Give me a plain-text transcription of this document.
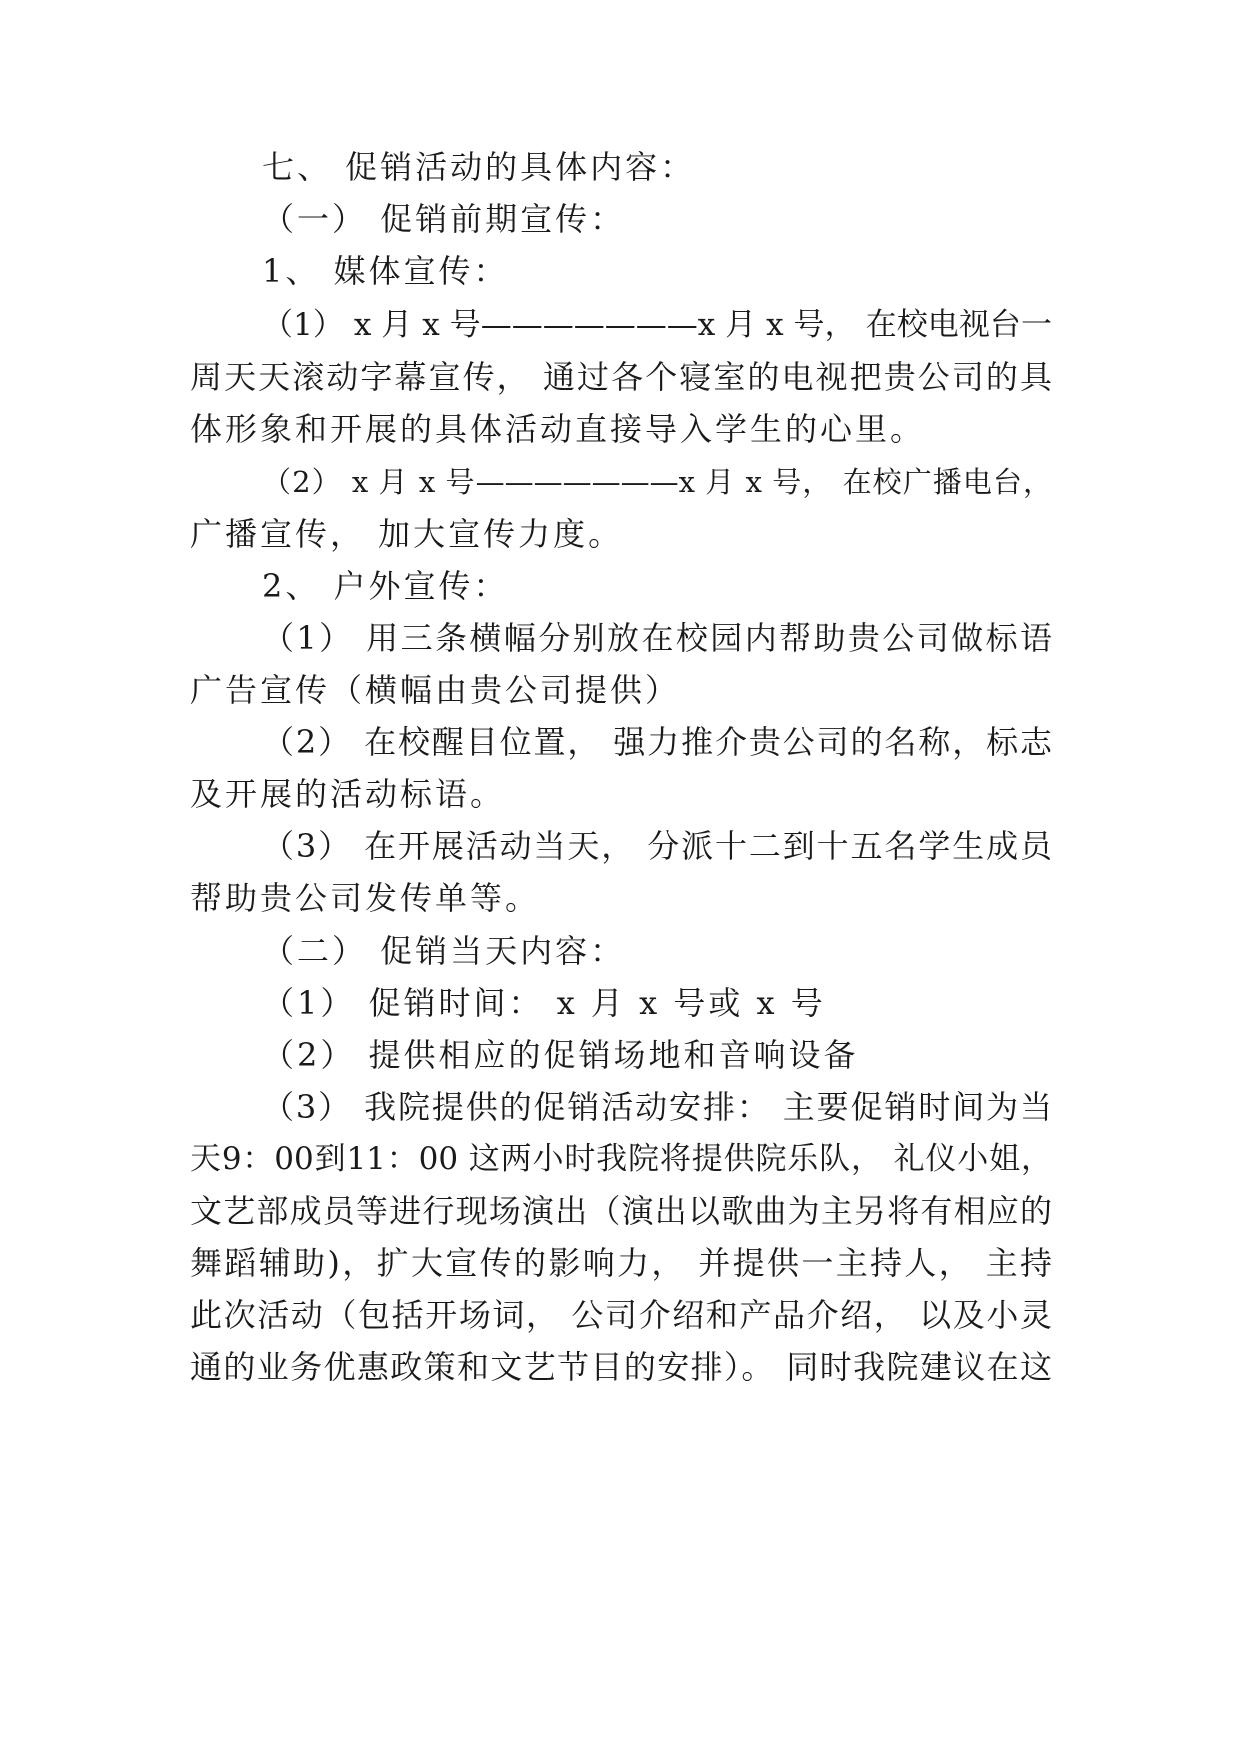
七、 促销活动的具体内容：
（一） 促销前期宣传：
1、 媒体宣传：
（1） x 月 x 号———————x 月 x 号， 在校电视台一
周天天滚动字幕宣传， 通过各个寝室的电视把贵公司的具
体形象和开展的具体活动直接导入学生的心里。
（2） x 月 x 号———————x 月 x 号， 在校广播电台，
广播宣传， 加大宣传力度。
2、 户外宣传：
（1） 用三条横幅分别放在校园内帮助贵公司做标语
广告宣传（横幅由贵公司提供）
（2） 在校醒目位置， 强力推介贵公司的名称，标志
及开展的活动标语。
（3） 在开展活动当天， 分派十二到十五名学生成员
帮助贵公司发传单等。
（二） 促销当天内容：
（1） 促销时间： x 月 x 号或 x 号
（2） 提供相应的促销场地和音响设备
（3） 我院提供的促销活动安排： 主要促销时间为当
天9：00到11：00 这两小时我院将提供院乐队， 礼仪小姐，
文艺部成员等进行现场演出（演出以歌曲为主另将有相应的
舞蹈辅助)，扩大宣传的影响力， 并提供一主持人， 主持
此次活动（包括开场词， 公司介绍和产品介绍， 以及小灵
通的业务优惠政策和文艺节目的安排）。 同时我院建议在这
